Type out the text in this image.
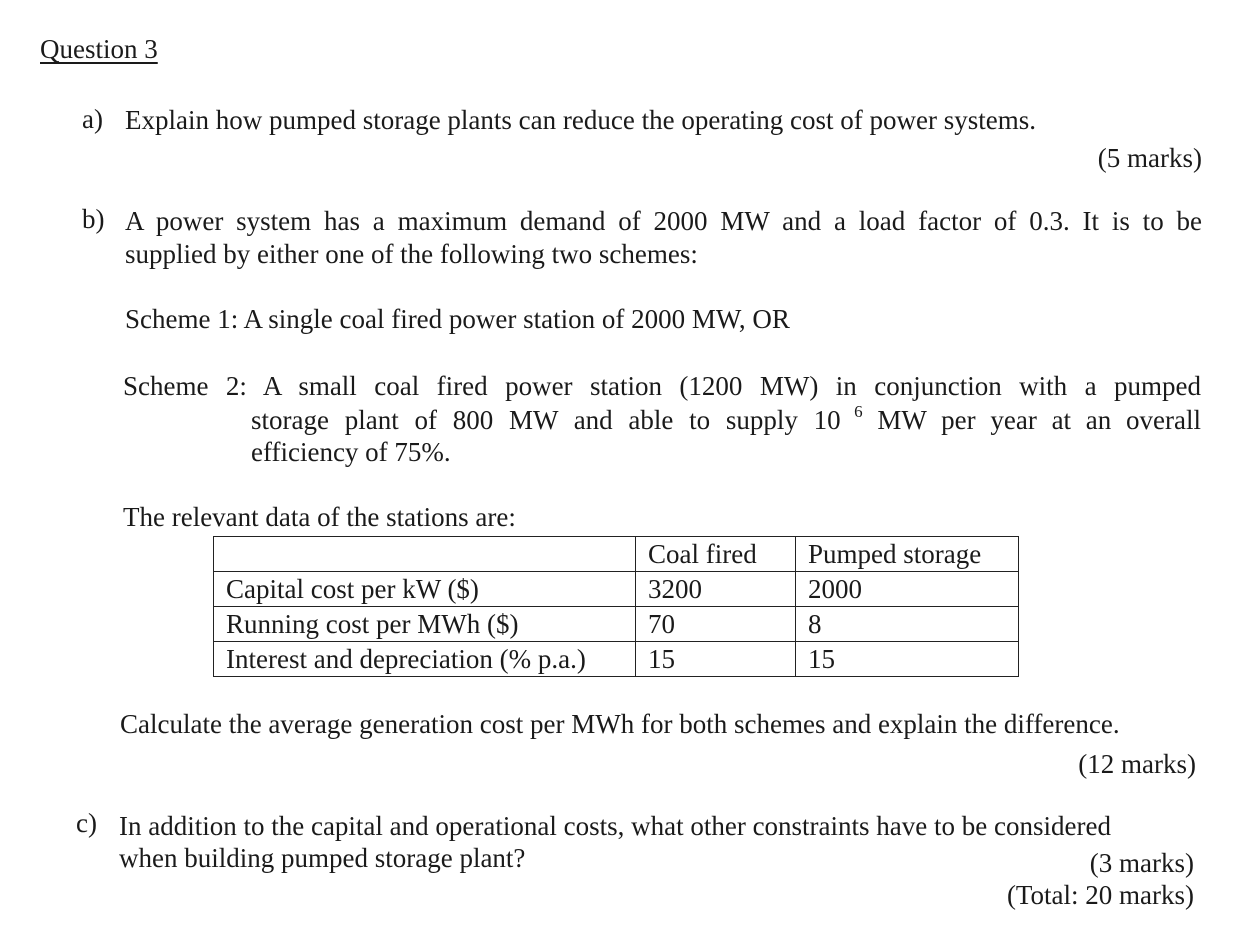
Question 3
a) Explain how pumped storage plants can reduce the operating cost of power systems.
(5 marks)
b) A power system has a maximum demand of 2000 MW and a load factor of 0.3. It is to be
supplied by either one of the following two schemes:
Scheme 1: A single coal fired power station of 2000 MW, OR
Scheme 2: A small coal fired power station (1200 MW) in conjunction with a pumped
storage plant of 800 MW and able to supply 10 $^6$ MW per year at an overall
efficiency of 75%.
The relevant data of the stations are:
	Coal fired	Pumped storage
Capital cost per kW ($)	3200	2000
Running cost per MWh ($)	70	8
Interest and depreciation (% p.a.)	15	15
Calculate the average generation cost per MWh for both schemes and explain the difference.
(12 marks)
c) In addition to the capital and operational costs, what other constraints have to be considered
when building pumped storage plant?	(3 marks)
(Total: 20 marks)
